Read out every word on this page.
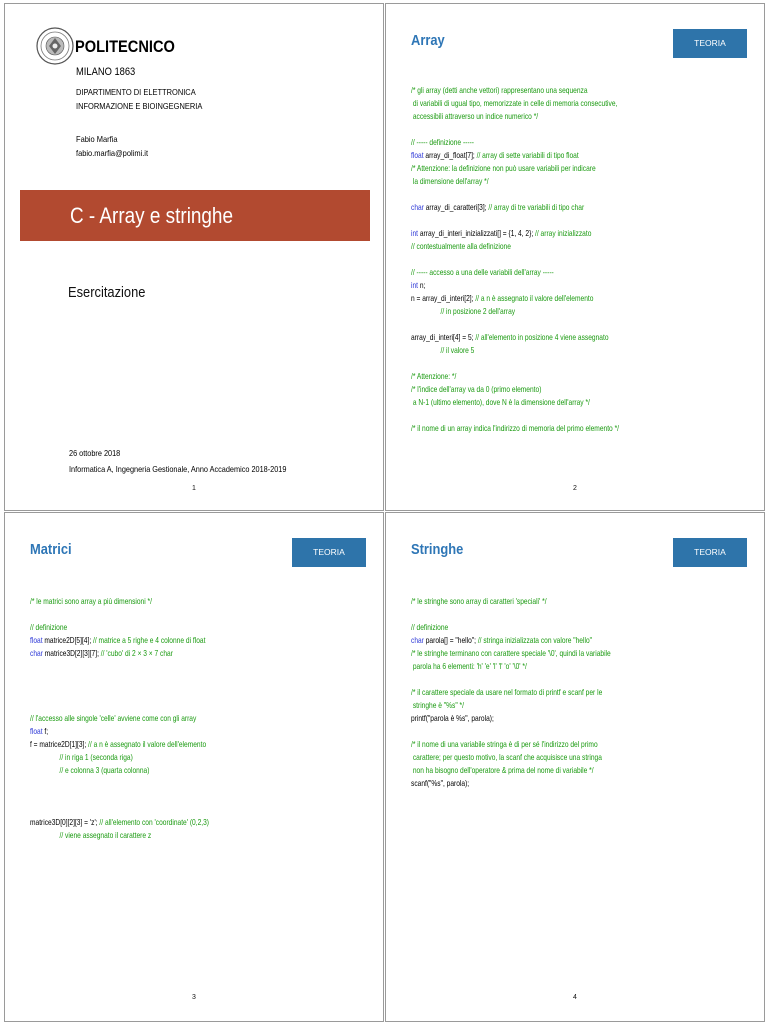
POLITECNICO
MILANO 1863
DIPARTIMENTO DI ELETTRONICA
INFORMAZIONE E BIOINGEGNERIA
Fabio Marfia
fabio.marfia@polimi.it
C - Array e stringhe
Esercitazione
26 ottobre 2018
Informatica A, Ingegneria Gestionale, Anno Accademico 2018-2019
1
Array	TEORIA
/* gli array (detti anche vettori) rappresentano una sequenza
di variabili di ugual tipo, memorizzate in celle di memoria consecutive,
accessibili attraverso un indice numerico */

// ----- definizione -----
float array_di_float[7]; // array di sette variabili di tipo float
/* Attenzione: la definizione non può usare variabili per indicare
la dimensione dell'array */

char array_di_caratteri[3]; // array di tre variabili di tipo char

int array_di_interi_inizializzati[] = {1, 4, 2}; // array inizializzato
// contestualmente alla definizione

// ----- accesso a una delle variabili dell'array -----
int n;
n = array_di_interi[2]; // a n è assegnato il valore dell'elemento
// in posizione 2 dell'array

array_di_interi[4] = 5; // all'elemento in posizione 4 viene assegnato
// il valore 5

/* Attenzione: */
/* l'indice dell'array va da 0 (primo elemento)
a N-1 (ultimo elemento), dove N è la dimensione dell'array */

/* il nome di un array indica l'indirizzo di memoria del primo elemento */
2
Matrici	TEORIA
/* le matrici sono array a più dimensioni */

// definizione
float matrice2D[5][4]; // matrice a 5 righe e 4 colonne di float
char matrice3D[2][3][7]; // 'cubo' di 2 × 3 × 7 char

// l'accesso alle singole 'celle' avviene come con gli array
float f;
f = matrice2D[1][3]; // a n è assegnato il valore dell'elemento
// in riga 1 (seconda riga)
// e colonna 3 (quarta colonna)

matrice3D[0][2][3] = 'z'; // all'elemento con 'coordinate' (0,2,3)
// viene assegnato il carattere z
3
Stringhe	TEORIA
/* le stringhe sono array di caratteri 'speciali' */

// definizione
char parola[] = "hello"; // stringa inizializzata con valore "hello"
/* le stringhe terminano con carattere speciale '\0', quindi la variabile
parola ha 6 elementi: 'h' 'e' 'l' 'l' 'o' '\0' */

/* il carattere speciale da usare nel formato di printf e scanf per le
stringhe è "%s" */
printf("parola è %s", parola);

/* il nome di una variabile stringa è di per sé l'indirizzo del primo
carattere; per questo motivo, la scanf che acquisisce una stringa
non ha bisogno dell'operatore & prima del nome di variabile */
scanf("%s", parola);
4
